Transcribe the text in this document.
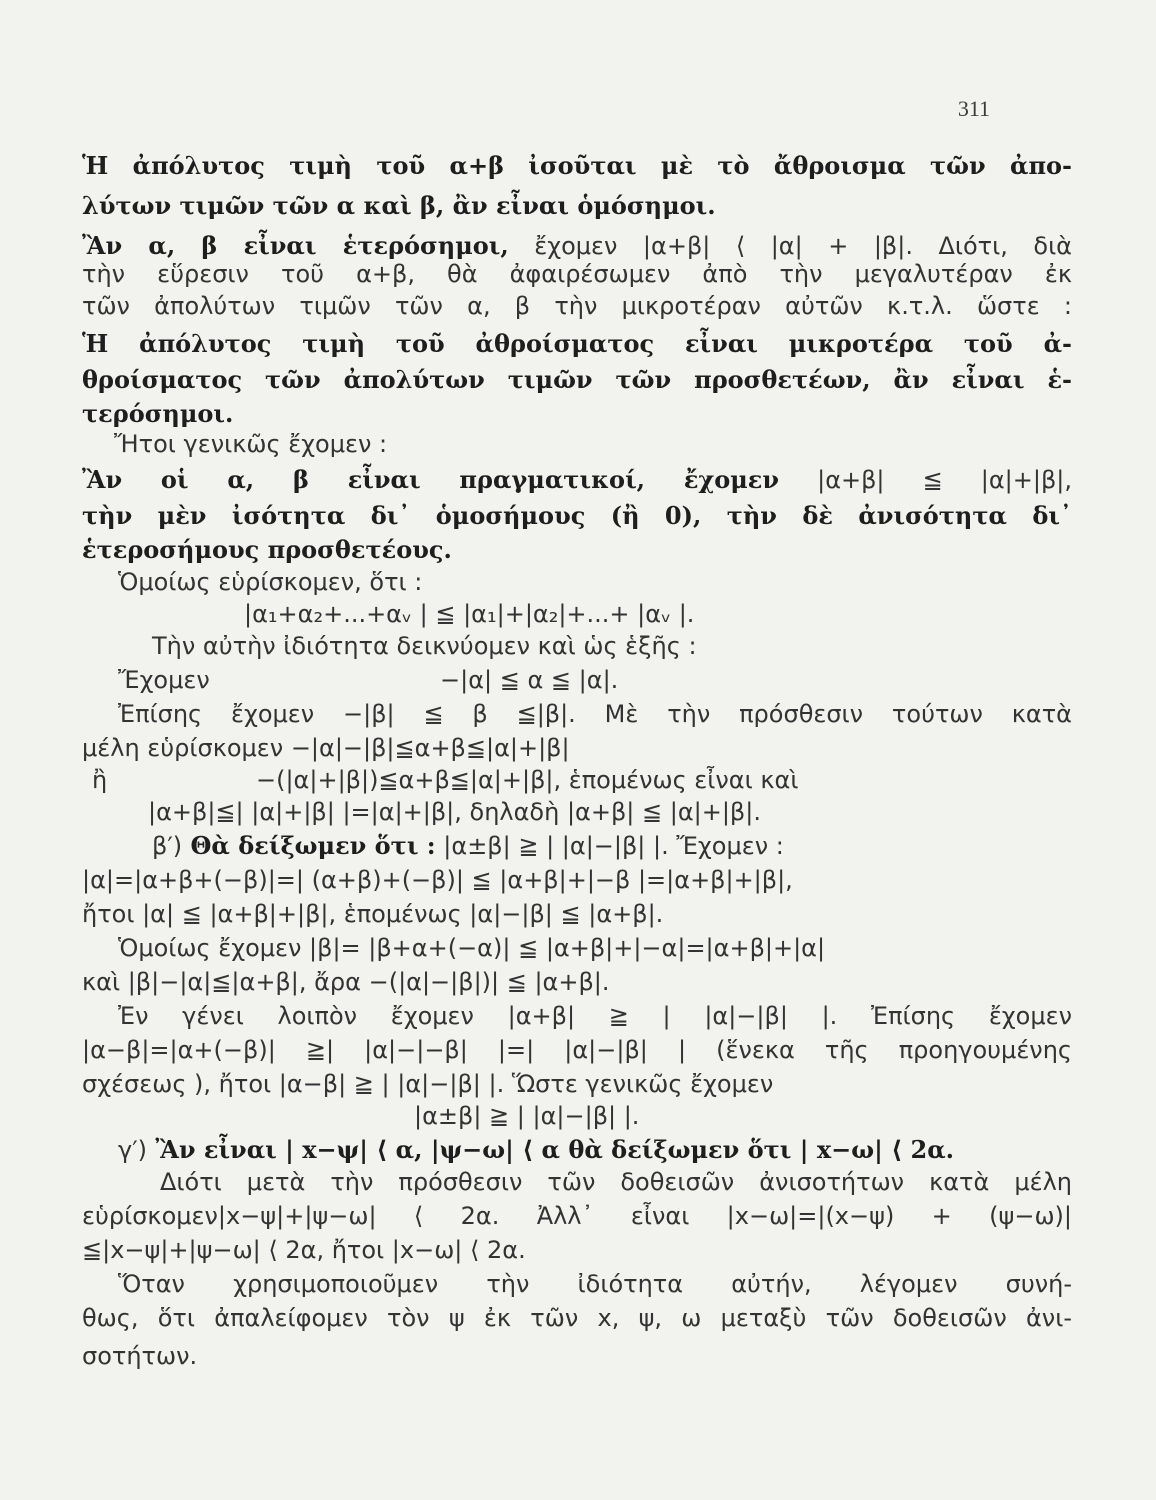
311
Ἡ ἀπόλυτος τιμὴ τοῦ α+β ἰσοῦται μὲ τὸ ἄθροισμα τῶν ἀπο-
λύτων τιμῶν τῶν α καὶ β, ἂν εἶναι ὁμόσημοι.
Ἂν α, β εἶναι ἑτερόσημοι, ἔχομεν |α+β| ⟨ |α| + |β|. Διότι, διὰ
τὴν εὕρεσιν τοῦ α+β, θὰ ἀφαιρέσωμεν ἀπὸ τὴν μεγαλυτέραν ἐκ
τῶν ἀπολύτων τιμῶν τῶν α, β τὴν μικροτέραν αὐτῶν κ.τ.λ. ὥστε :
Ἡ ἀπόλυτος τιμὴ τοῦ ἀθροίσματος εἶναι μικροτέρα τοῦ ἀ-
θροίσματος τῶν ἀπολύτων τιμῶν τῶν προσθετέων, ἂν εἶναι ἑ-
τερόσημοι.
Ἤτοι γενικῶς ἔχομεν :
Ἂν οἱ α, β εἶναι πραγματικοί, ἔχομεν |α+β| ≦ |α|+|β|,
τὴν μὲν ἰσότητα δι᾽ ὁμοσήμους (ἢ 0), τὴν δὲ ἀνισότητα δι᾽
ἑτεροσήμους προσθετέους.
Ὁμοίως εὑρίσκομεν, ὅτι :
|α₁+α₂+...+αᵥ | ≦ |α₁|+|α₂|+...+ |αᵥ |.
Τὴν αὐτὴν ἰδιότητα δεικνύομεν καὶ ὡς ἑξῆς :
Ἔχομεν	−|α| ≦ α ≦ |α|.
Ἐπίσης ἔχομεν −|β| ≦ β ≦|β|. Μὲ τὴν πρόσθεσιν τούτων κατὰ
μέλη εὑρίσκομεν −|α|−|β|≦α+β≦|α|+|β|
ἢ	−(|α|+|β|)≦α+β≦|α|+|β|, ἑπομένως εἶναι καὶ
|α+β|≦| |α|+|β| |=|α|+|β|, δηλαδὴ |α+β| ≦ |α|+|β|.
β′) Θὰ δείξωμεν ὅτι : |α±β| ≧ | |α|−|β| |. Ἔχομεν :
|α|=|α+β+(−β)|=| (α+β)+(−β)| ≦ |α+β|+|−β |=|α+β|+|β|,
ἤτοι |α| ≦ |α+β|+|β|, ἑπομένως |α|−|β| ≦ |α+β|.
Ὁμοίως ἔχομεν |β|= |β+α+(−α)| ≦ |α+β|+|−α|=|α+β|+|α|
καὶ |β|−|α|≦|α+β|, ἄρα −(|α|−|β|)| ≦ |α+β|.
Ἐν γένει λοιπὸν ἔχομεν |α+β| ≧ | |α|−|β| |. Ἐπίσης ἔχομεν
|α−β|=|α+(−β)| ≧| |α|−|−β| |=| |α|−|β| | (ἕνεκα τῆς προηγουμένης
σχέσεως ), ἤτοι |α−β| ≧ | |α|−|β| |. Ὥστε γενικῶς ἔχομεν
|α±β| ≧ | |α|−|β| |.
γ′) Ἂν εἶναι | x−ψ| ⟨ α, |ψ−ω| ⟨ α θὰ δείξωμεν ὅτι | x−ω| ⟨ 2α.
Διότι μετὰ τὴν πρόσθεσιν τῶν δοθεισῶν ἀνισοτήτων κατὰ μέλη
εὑρίσκομεν|x−ψ|+|ψ−ω| ⟨ 2α. Ἀλλ᾽ εἶναι |x−ω|=|(x−ψ) + (ψ−ω)|
≦|x−ψ|+|ψ−ω| ⟨ 2α, ἤτοι |x−ω| ⟨ 2α.
Ὅταν χρησιμοποιοῦμεν τὴν ἰδιότητα αὐτήν, λέγομεν συνή-
θως, ὅτι ἀπαλείφομεν τὸν ψ ἐκ τῶν x, ψ, ω μεταξὺ τῶν δοθεισῶν ἀνι-
σοτήτων.
